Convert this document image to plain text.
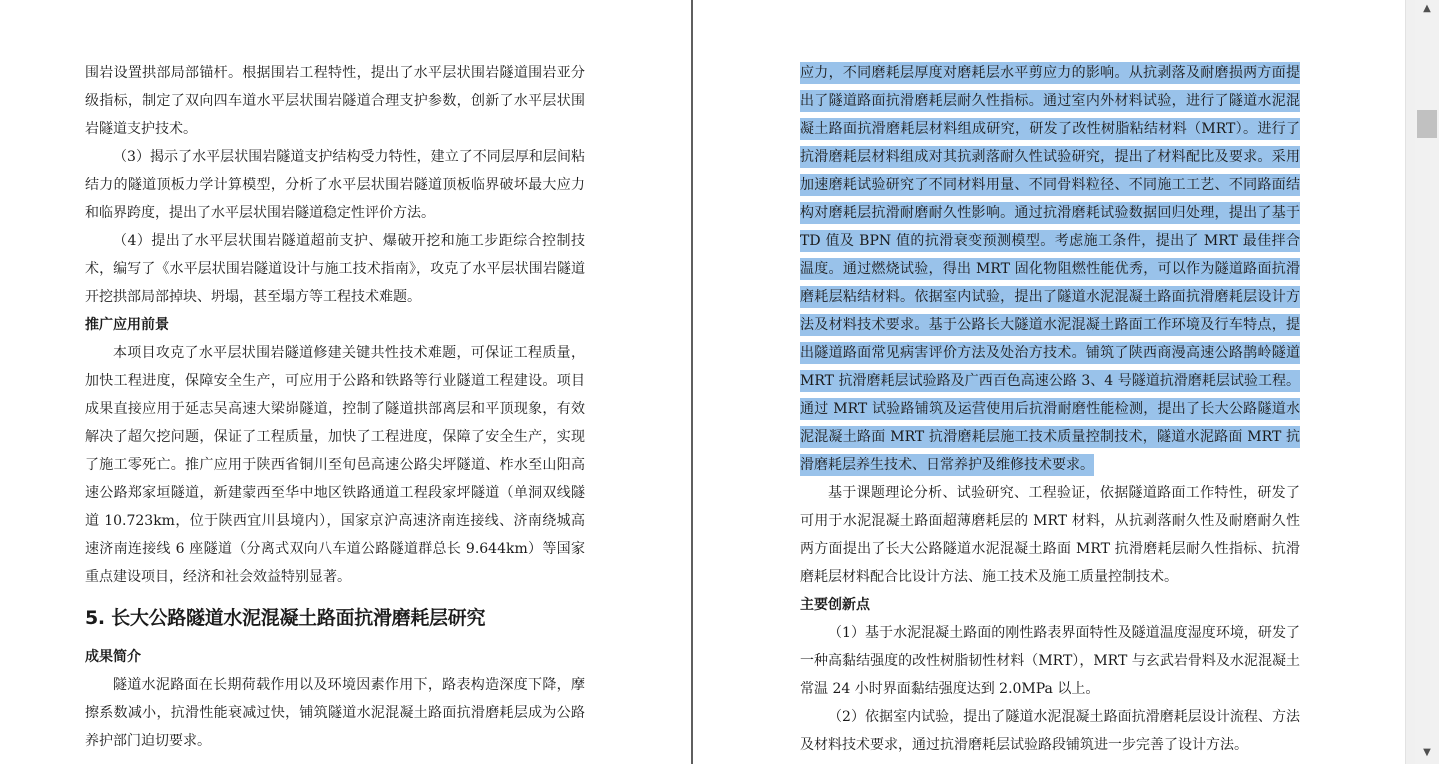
围岩设置拱部局部锚杆。根据围岩工程特性，提出了水平层状围岩隧道围岩亚分级指标，制定了双向四车道水平层状围岩隧道合理支护参数，创新了水平层状围岩隧道支护技术。

（3）揭示了水平层状围岩隧道支护结构受力特性，建立了不同层厚和层间粘结力的隧道顶板力学计算模型，分析了水平层状围岩隧道顶板临界破坏最大应力和临界跨度，提出了水平层状围岩隧道稳定性评价方法。

（4）提出了水平层状围岩隧道超前支护、爆破开挖和施工步距综合控制技术，编写了《水平层状围岩隧道设计与施工技术指南》，攻克了水平层状围岩隧道开挖拱部局部掉块、坍塌，甚至塌方等工程技术难题。

推广应用前景

本项目攻克了水平层状围岩隧道修建关键共性技术难题，可保证工程质量，加快工程进度，保障安全生产，可应用于公路和铁路等行业隧道工程建设。项目成果直接应用于延志吴高速大梁峁隧道，控制了隧道拱部离层和平顶现象，有效解决了超欠挖问题，保证了工程质量，加快了工程进度，保障了安全生产，实现了施工零死亡。推广应用于陕西省铜川至旬邑高速公路尖坪隧道、柞水至山阳高速公路郑家垣隧道，新建蒙西至华中地区铁路通道工程段家坪隧道（单洞双线隧道 10.723km，位于陕西宜川县境内），国家京沪高速济南连接线、济南绕城高速济南连接线 6 座隧道（分离式双向八车道公路隧道群总长 9.644km）等国家重点建设项目，经济和社会效益特别显著。

5. 长大公路隧道水泥混凝土路面抗滑磨耗层研究
成果简介

隧道水泥路面在长期荷载作用以及环境因素作用下，路表构造深度下降，摩擦系数减小，抗滑性能衰减过快，铺筑隧道水泥混凝土路面抗滑磨耗层成为公路养护部门迫切要求。

应力，不同磨耗层厚度对磨耗层水平剪应力的影响。从抗剥落及耐磨损两方面提出了隧道路面抗滑磨耗层耐久性指标。通过室内外材料试验，进行了隧道水泥混凝土路面抗滑磨耗层材料组成研究，研发了改性树脂粘结材料（MRT）。进行了抗滑磨耗层材料组成对其抗剥落耐久性试验研究，提出了材料配比及要求。采用加速磨耗试验研究了不同材料用量、不同骨料粒径、不同施工工艺、不同路面结构对磨耗层抗滑耐磨耐久性影响。通过抗滑磨耗试验数据回归处理，提出了基于 TD 值及 BPN 值的抗滑衰变预测模型。考虑施工条件，提出了 MRT 最佳拌合温度。通过燃烧试验，得出 MRT 固化物阻燃性能优秀，可以作为隧道路面抗滑磨耗层粘结材料。依据室内试验，提出了隧道水泥混凝土路面抗滑磨耗层设计方法及材料技术要求。基于公路长大隧道水泥混凝土路面工作环境及行车特点，提出隧道路面常见病害评价方法及处治方技术。铺筑了陕西商漫高速公路鹊岭隧道 MRT 抗滑磨耗层试验路及广西百色高速公路 3、4 号隧道抗滑磨耗层试验工程。通过 MRT 试验路铺筑及运营使用后抗滑耐磨性能检测，提出了长大公路隧道水泥混凝土路面 MRT 抗滑磨耗层施工技术质量控制技术，隧道水泥路面 MRT 抗滑磨耗层养生技术、日常养护及维修技术要求。

基于课题理论分析、试验研究、工程验证，依据隧道路面工作特性，研发了可用于水泥混凝土路面超薄磨耗层的 MRT 材料，从抗剥落耐久性及耐磨耐久性两方面提出了长大公路隧道水泥混凝土路面 MRT 抗滑磨耗层耐久性指标、抗滑磨耗层材料配合比设计方法、施工技术及施工质量控制技术。

主要创新点

（1）基于水泥混凝土路面的刚性路表界面特性及隧道温度湿度环境，研发了一种高黏结强度的改性树脂韧性材料（MRT），MRT 与玄武岩骨料及水泥混凝土常温 24 小时界面黏结强度达到 2.0MPa 以上。

（2）依据室内试验，提出了隧道水泥混凝土路面抗滑磨耗层设计流程、方法及材料技术要求，通过抗滑磨耗层试验路段铺筑进一步完善了设计方法。

▲
▼
